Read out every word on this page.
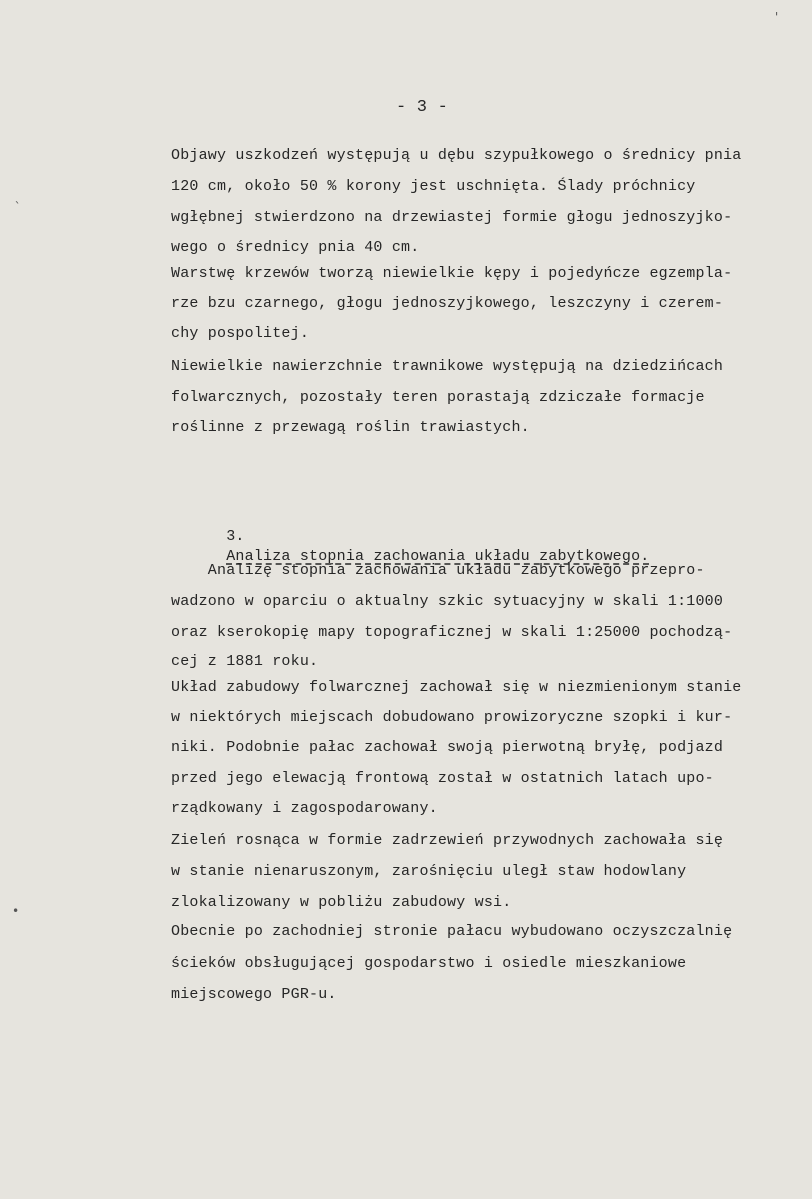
'
`
•
- 3 -
Objawy uszkodzeń występują u dębu szypułkowego o średnicy pnia
120 cm, około 50 % korony jest uschnięta. Ślady próchnicy
wgłębnej stwierdzono na drzewiastej formie głogu jednoszyjko-
wego o średnicy pnia 40 cm.
Warstwę krzewów tworzą niewielkie kępy i pojedyńcze egzempla-
rze bzu czarnego, głogu jednoszyjkowego, leszczyny i czerem-
chy pospolitej.
Niewielkie nawierzchnie trawnikowe występują na dziedzińcach
folwarcznych, pozostały teren porastają zdziczałe formacje
roślinne z przewagą roślin trawiastych.

3.
Analiza stopnia zachowania układu zabytkowego.

Analizę stopnia zachowania układu zabytkowego przepro-
wadzono w oparciu o aktualny szkic sytuacyjny w skali 1:1000
oraz kserokopię mapy topograficznej w skali 1:25000 pochodzą-
cej z 1881 roku.
Układ zabudowy folwarcznej zachował się w niezmienionym stanie
w niektórych miejscach dobudowano prowizoryczne szopki i kur-
niki. Podobnie pałac zachował swoją pierwotną bryłę, podjazd
przed jego elewacją frontową został w ostatnich latach upo-
rządkowany i zagospodarowany.
Zieleń rosnąca w formie zadrzewień przywodnych zachowała się
w stanie nienaruszonym, zarośnięciu uległ staw hodowlany
zlokalizowany w pobliżu zabudowy wsi.
Obecnie po zachodniej stronie pałacu wybudowano oczyszczalnię
ścieków obsługującej gospodarstwo i osiedle mieszkaniowe
miejscowego PGR-u.
